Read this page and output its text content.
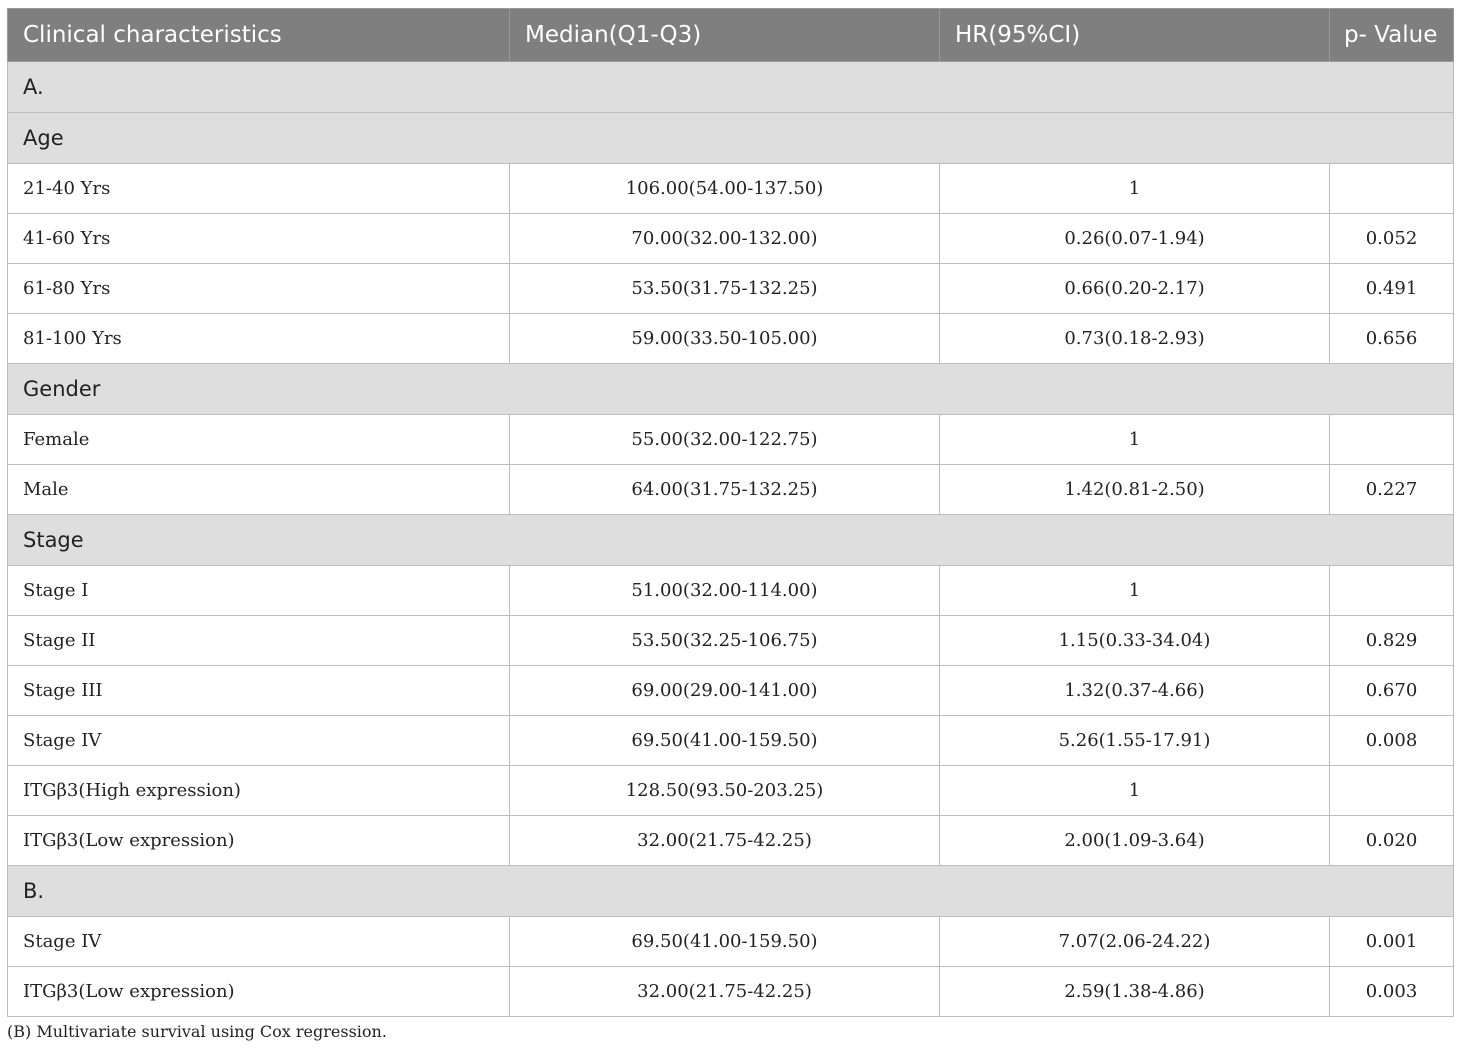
Clinical characteristics	Median(Q1-Q3)	HR(95%CI)	p- Value
A.			
Age			
21-40 Yrs	106.00(54.00-137.50)	1	
41-60 Yrs	70.00(32.00-132.00)	0.26(0.07-1.94)	0.052
61-80 Yrs	53.50(31.75-132.25)	0.66(0.20-2.17)	0.491
81-100 Yrs	59.00(33.50-105.00)	0.73(0.18-2.93)	0.656
Gender			
Female	55.00(32.00-122.75)	1	
Male	64.00(31.75-132.25)	1.42(0.81-2.50)	0.227
Stage			
Stage I	51.00(32.00-114.00)	1	
Stage II	53.50(32.25-106.75)	1.15(0.33-34.04)	0.829
Stage III	69.00(29.00-141.00)	1.32(0.37-4.66)	0.670
Stage IV	69.50(41.00-159.50)	5.26(1.55-17.91)	0.008
ITGβ3(High expression)	128.50(93.50-203.25)	1	
ITGβ3(Low expression)	32.00(21.75-42.25)	2.00(1.09-3.64)	0.020
B.			
Stage IV	69.50(41.00-159.50)	7.07(2.06-24.22)	0.001
ITGβ3(Low expression)	32.00(21.75-42.25)	2.59(1.38-4.86)	0.003
(B) Multivariate survival using Cox regression.
